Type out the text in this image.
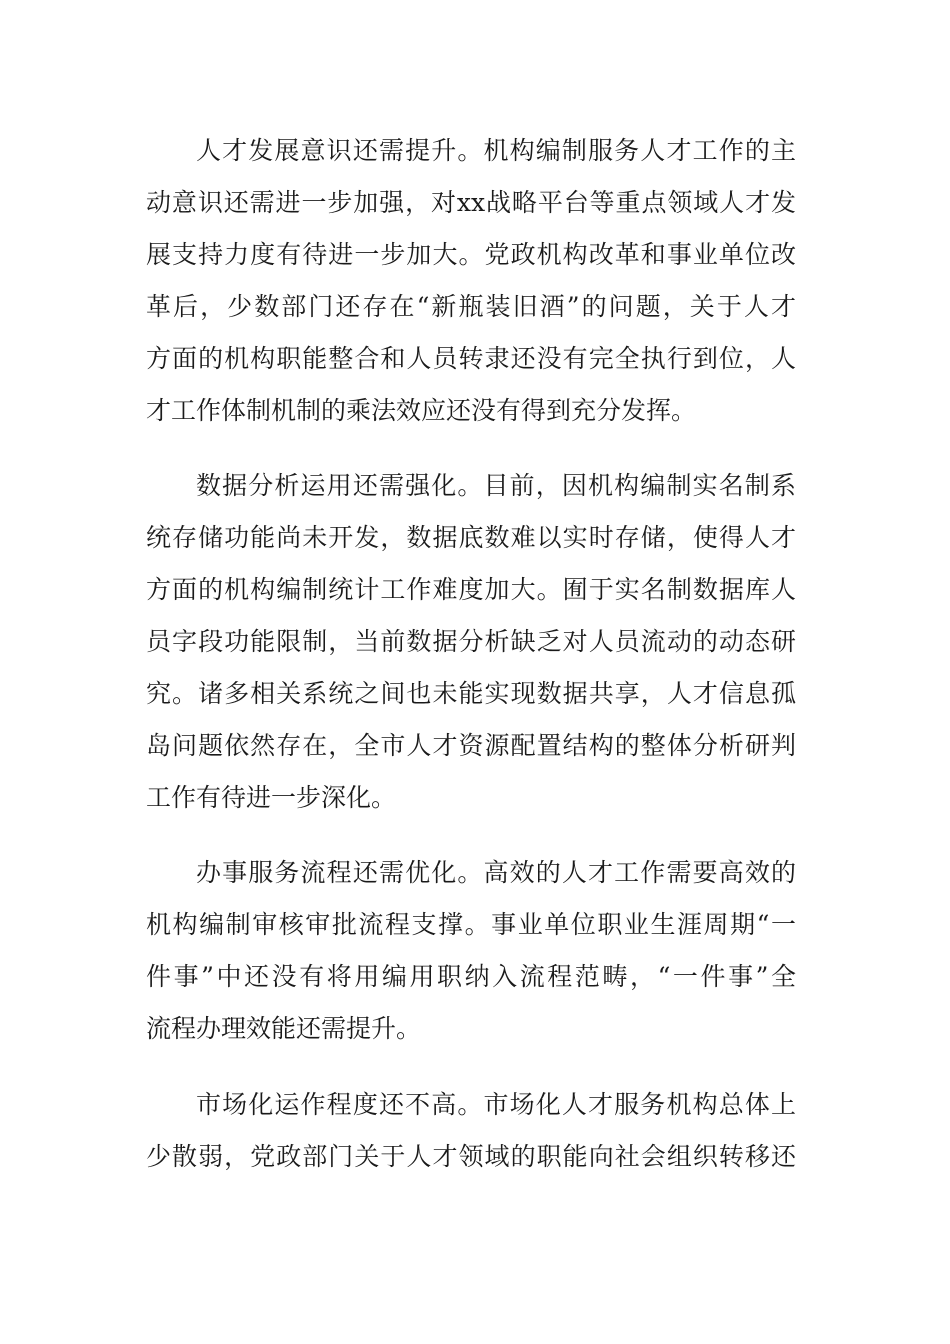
人才发展意识还需提升。机构编制服务人才工作的主
动意识还需进一步加强，对xx战略平台等重点领域人才发
展支持力度有待进一步加大。党政机构改革和事业单位改
革后，少数部门还存在“新瓶装旧酒”的问题，关于人才
方面的机构职能整合和人员转隶还没有完全执行到位，人
才工作体制机制的乘法效应还没有得到充分发挥。
数据分析运用还需强化。目前，因机构编制实名制系
统存储功能尚未开发，数据底数难以实时存储，使得人才
方面的机构编制统计工作难度加大。囿于实名制数据库人
员字段功能限制，当前数据分析缺乏对人员流动的动态研
究。诸多相关系统之间也未能实现数据共享，人才信息孤
岛问题依然存在，全市人才资源配置结构的整体分析研判
工作有待进一步深化。
办事服务流程还需优化。高效的人才工作需要高效的
机构编制审核审批流程支撑。事业单位职业生涯周期“一
件事”中还没有将用编用职纳入流程范畴，“一件事”全
流程办理效能还需提升。
市场化运作程度还不高。市场化人才服务机构总体上
少散弱，党政部门关于人才领域的职能向社会组织转移还
